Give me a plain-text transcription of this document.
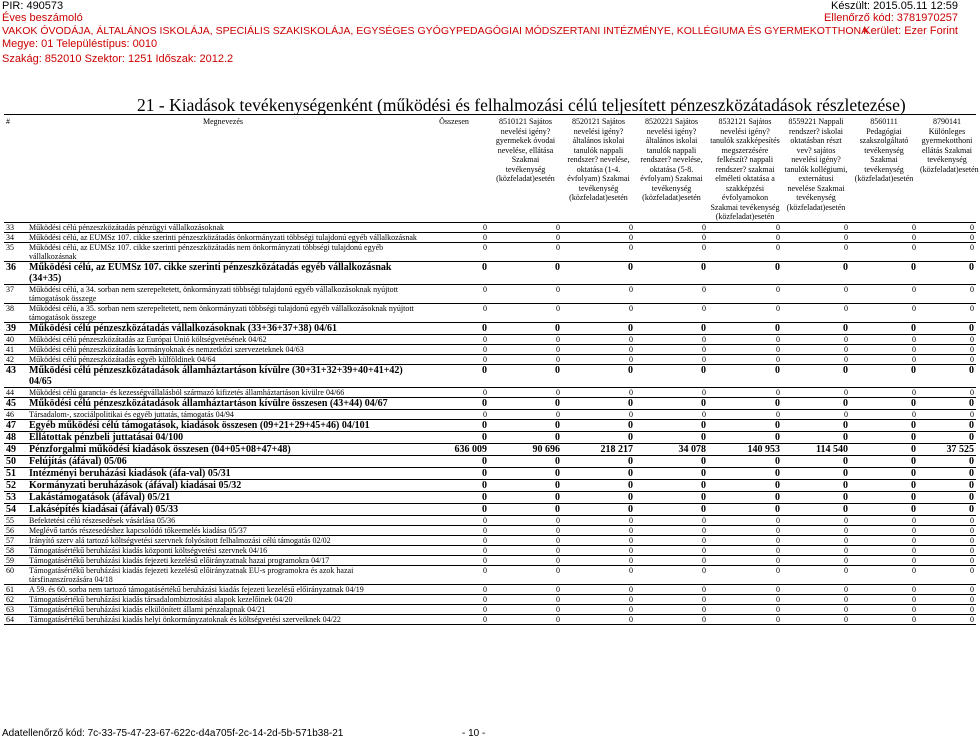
PIR: 490573	Készült: 2015.05.11 12:59
Éves beszámoló	Ellenőrző kód: 3781970257
VAKOK ÓVODÁJA, ÁLTALÁNOS ISKOLÁJA, SPECIÁLIS SZAKISKOLÁJA, EGYSÉGES GYÓGYPEDAGÓGIAI MÓDSZERTANI INTÉZMÉNYE, KOLLÉGIUMA ÉS GYERMEKOTTHONA
Kerület: Ezer Forint
Megye: 01 Településtípus: 0010
Szakág: 852010 Szektor: 1251 Időszak: 2012.2
21 - Kiadások tevékenységenként (működési és felhalmozási célú teljesített pénzeszközátadások részletezése)
#	Megnevezés	Összesen	8510121 Sajátos nevelési igény? gyermekek óvodai nevelése, ellátása Szakmai tevékenység (közfeladat)esetén	8520121 Sajátos nevelési igény? általános iskolai tanulók nappali rendszer? nevelése, oktatása (1-4. évfolyam) Szakmai tevékenység (közfeladat)esetén	8520221 Sajátos nevelési igény? általános iskolai tanulók nappali rendszer? nevelése, oktatása (5-8. évfolyam) Szakmai tevékenység (közfeladat)esetén	8532121 Sajátos nevelési igény? tanulók szakképesítés megszerzésére felkészít? nappali rendszer? szakmai elméleti oktatása a szakképzési évfolyamokon Szakmai tevékenység (közfeladat)esetén	8559221 Nappali rendszer? iskolai oktatásban részt vev? sajátos nevelési igény? tanulók kollégiumi, externátusi nevelése Szakmai tevékenység (közfeladat)esetén	8560111 Pedagógiai szakszolgáltató tevékenység Szakmai tevékenység (közfeladat)esetén	8790141 Különleges gyermekotthoni ellátás Szakmai tevékenység (közfeladat)esetén
33	Működési célú pénzeszközátadás pénzügyi vállalkozásoknak	0	0	0	0	0	0	0	0
34	Működési célú, az EUMSz 107. cikke szerinti pénzeszközátadás önkormányzati többségi tulajdonú egyéb vállalkozásnak	0	0	0	0	0	0	0	0
35	Működési célú, az EUMSz 107. cikke szerinti pénzeszközátadás nem önkormányzati többségi tulajdonú egyéb vállalkozásnak	0	0	0	0	0	0	0	0
36	Működési célú, az EUMSz 107. cikke szerinti pénzeszközátadás egyéb vállalkozásnak (34+35)	0	0	0	0	0	0	0	0
37	Működési célú, a 34. sorban nem szerepeltetett, önkormányzati többségi tulajdonú egyéb vállalkozásoknak nyújtott támogatások összege	0	0	0	0	0	0	0	0
38	Működési célú, a 35. sorban nem szerepeltetett, nem önkormányzati többségi tulajdonú egyéb vállalkozásoknak nyújtott támogatások összege	0	0	0	0	0	0	0	0
39	Működési célú pénzeszközátadás vállalkozásoknak (33+36+37+38) 04/61	0	0	0	0	0	0	0	0
40	Működési célú pénzeszközátadás az Európai Unió költségvetésének 04/62	0	0	0	0	0	0	0	0
41	Működési célú pénzeszközátadás kormányoknak és nemzetközi szervezeteknek 04/63	0	0	0	0	0	0	0	0
42	Működési célú pénzeszközátadás egyéb külföldinek 04/64	0	0	0	0	0	0	0	0
43	Működési célú pénzeszközátadások államháztartáson kívülre (30+31+32+39+40+41+42) 04/65	0	0	0	0	0	0	0	0
44	Működési célú garancia- és kezességvállalásból származó kifizetés államháztartáson kívülre 04/66	0	0	0	0	0	0	0	0
45	Működési célú pénzeszközátadások államháztartáson kívülre összesen (43+44) 04/67	0	0	0	0	0	0	0	0
46	Társadalom-, szociálpolitikai és egyéb juttatás, támogatás 04/94	0	0	0	0	0	0	0	0
47	Egyéb működési célú támogatások, kiadások összesen (09+21+29+45+46) 04/101	0	0	0	0	0	0	0	0
48	Ellátottak pénzbeli juttatásai 04/100	0	0	0	0	0	0	0	0
49	Pénzforgalmi működési kiadások összesen (04+05+08+47+48)	636 009	90 696	218 217	34 078	140 953	114 540	0	37 525
50	Felújítás (áfával) 05/06	0	0	0	0	0	0	0	0
51	Intézményi beruházási kiadások (áfa-val) 05/31	0	0	0	0	0	0	0	0
52	Kormányzati beruházások (áfával) kiadásai 05/32	0	0	0	0	0	0	0	0
53	Lakástámogatások (áfával) 05/21	0	0	0	0	0	0	0	0
54	Lakásépítés kiadásai (áfával) 05/33	0	0	0	0	0	0	0	0
55	Befektetési célú részesedések vásárlása 05/36	0	0	0	0	0	0	0	0
56	Meglévő tartós részesedéshez kapcsolódó tőkeemelés kiadása 05/37	0	0	0	0	0	0	0	0
57	Irányító szerv alá tartozó költségvetési szervnek folyósított felhalmozási célú támogatás 02/02	0	0	0	0	0	0	0	0
58	Támogatásértékű beruházási kiadás központi költségvetési szervnek 04/16	0	0	0	0	0	0	0	0
59	Támogatásértékű beruházási kiadás fejezeti kezelésű előirányzatnak hazai programokra 04/17	0	0	0	0	0	0	0	0
60	Támogatásértékű beruházási kiadás fejezeti kezelésű előirányzatnak EU-s programokra és azok hazai társfinanszírozására 04/18	0	0	0	0	0	0	0	0
61	A 59. és 60. sorba nem tartozó támogatásértékű beruházási kiadás fejezeti kezelésű előirányzatnak 04/19	0	0	0	0	0	0	0	0
62	Támogatásértékű beruházási kiadás társadalombiztosítási alapok kezelőinek 04/20	0	0	0	0	0	0	0	0
63	Támogatásértékű beruházási kiadás elkülönített állami pénzalapnak 04/21	0	0	0	0	0	0	0	0
64	Támogatásértékű beruházási kiadás helyi önkormányzatoknak és költségvetési szerveiknek 04/22	0	0	0	0	0	0	0	0
Adatellenőrző kód: 7c-33-75-47-23-67-622c-d4a705f-2c-14-2d-5b-571b38-21	- 10 -
